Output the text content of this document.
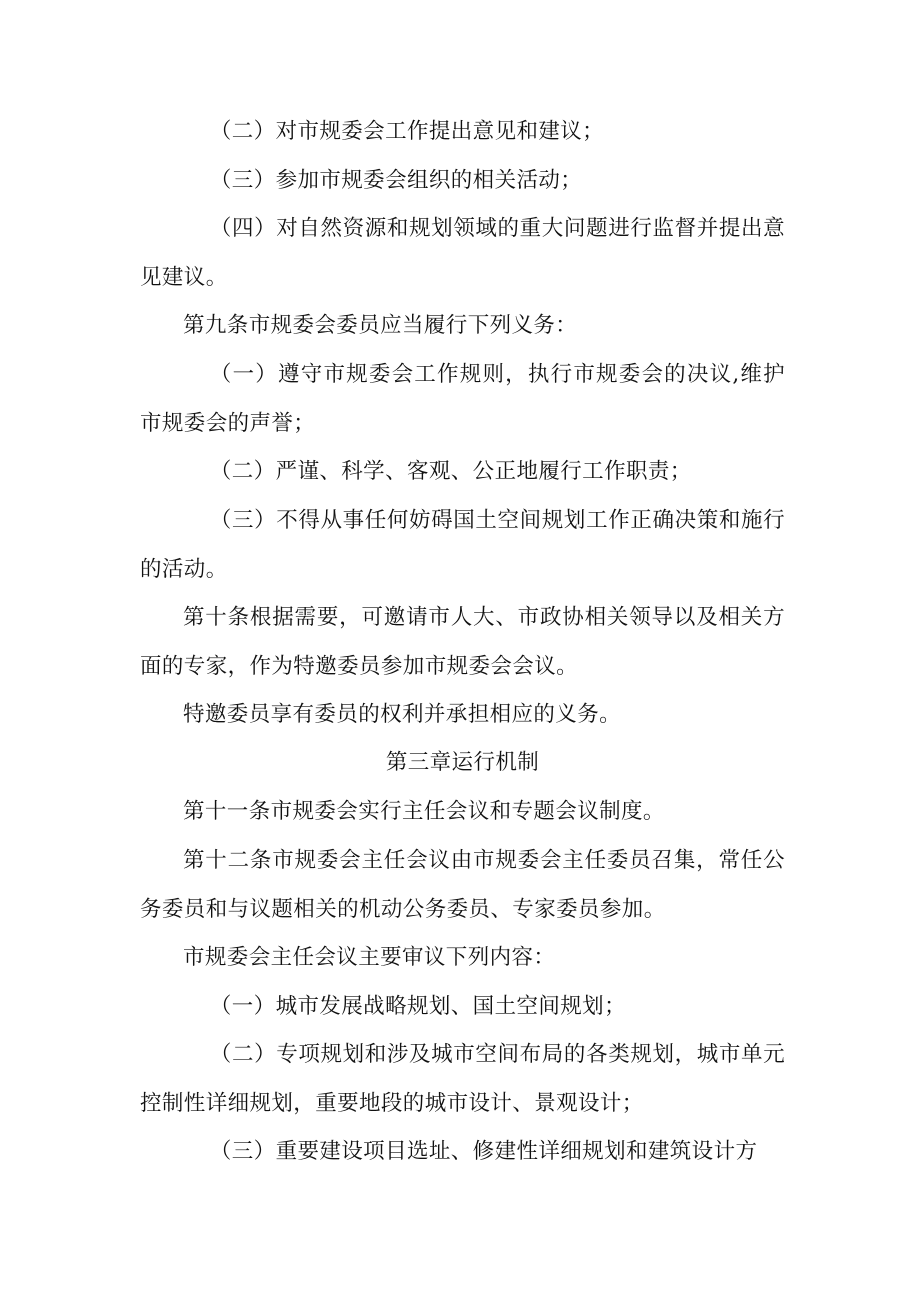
（二）对市规委会工作提出意见和建议；

（三）参加市规委会组织的相关活动；

（四）对自然资源和规划领域的重大问题进行监督并提出意见建议。

第九条市规委会委员应当履行下列义务：

（一）遵守市规委会工作规则，执行市规委会的决议,维护市规委会的声誉；

（二）严谨、科学、客观、公正地履行工作职责；

（三）不得从事任何妨碍国土空间规划工作正确决策和施行的活动。

第十条根据需要，可邀请市人大、市政协相关领导以及相关方面的专家，作为特邀委员参加市规委会会议。

特邀委员享有委员的权利并承担相应的义务。

第三章运行机制

第十一条市规委会实行主任会议和专题会议制度。

第十二条市规委会主任会议由市规委会主任委员召集，常任公务委员和与议题相关的机动公务委员、专家委员参加。

市规委会主任会议主要审议下列内容：

（一）城市发展战略规划、国土空间规划；

（二）专项规划和涉及城市空间布局的各类规划，城市单元控制性详细规划，重要地段的城市设计、景观设计；

（三）重要建设项目选址、修建性详细规划和建筑设计方
